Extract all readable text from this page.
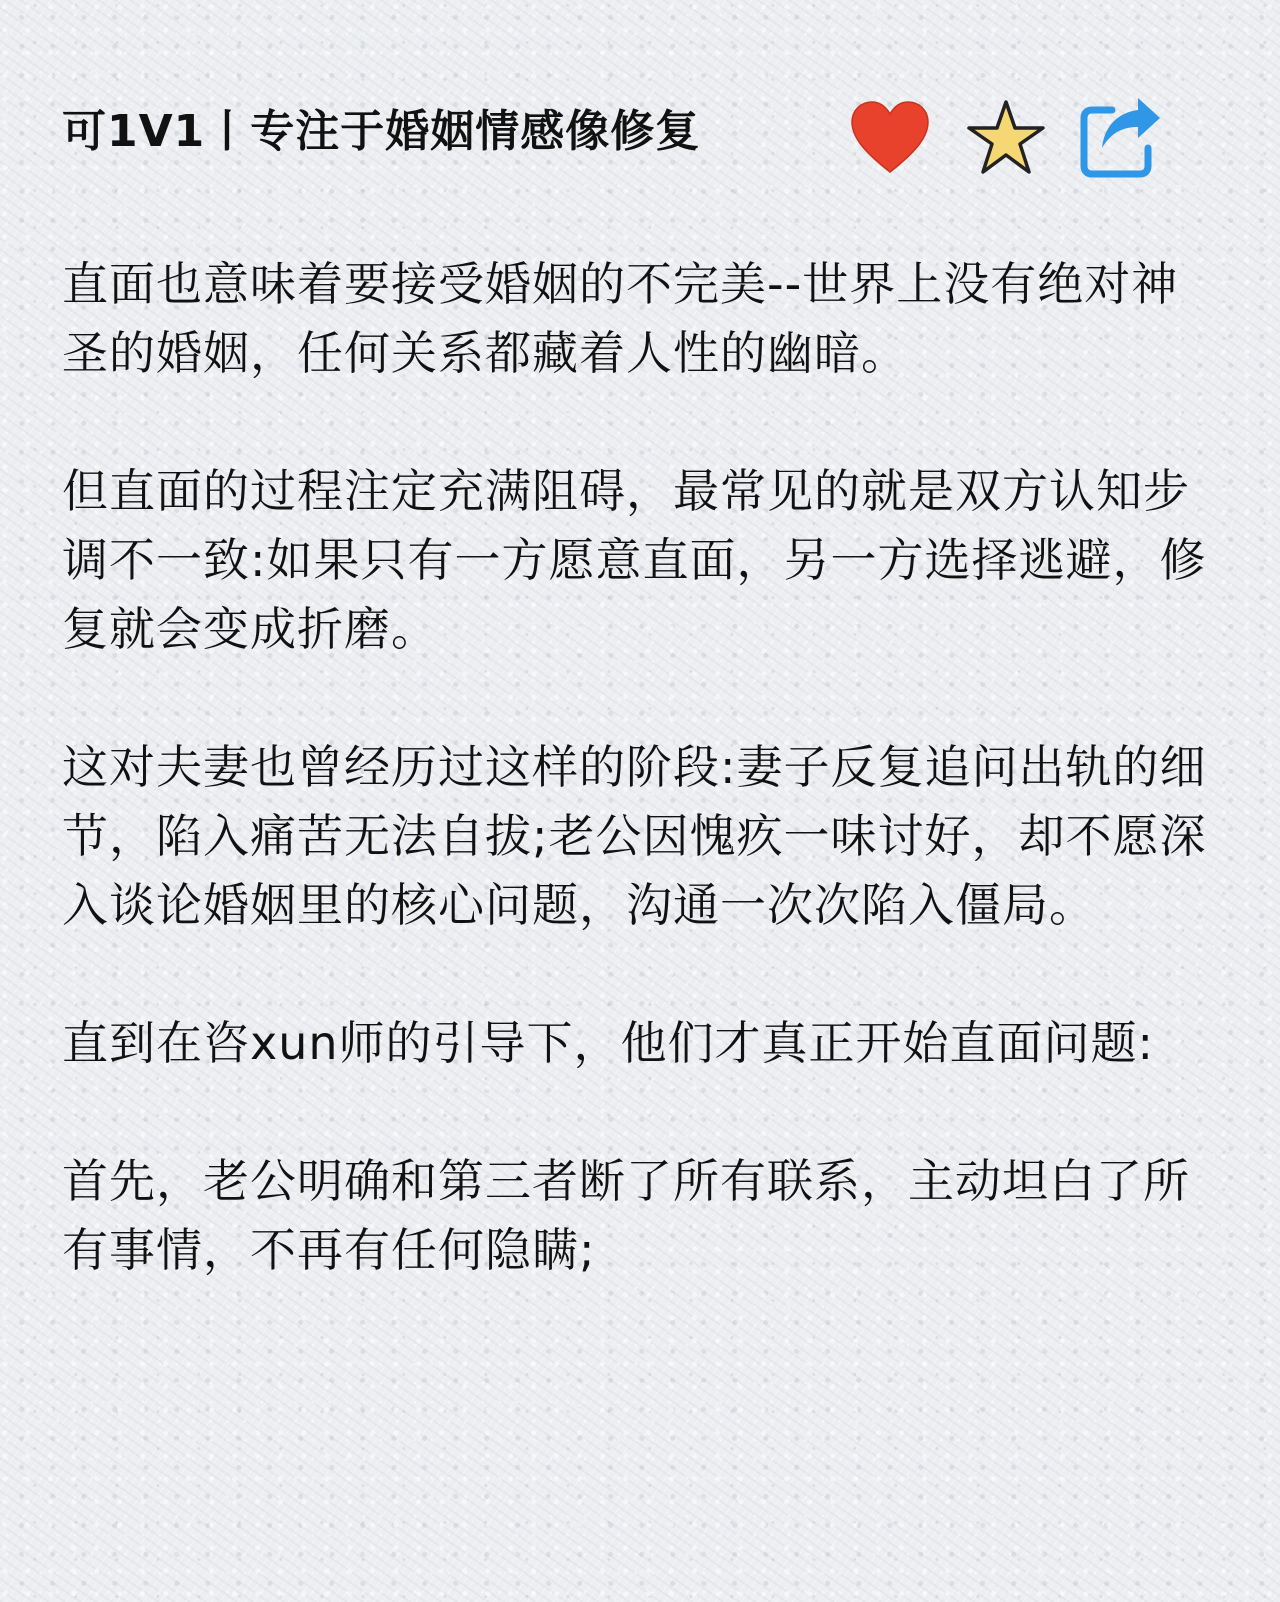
可1V1丨专注于婚姻情感像修复

直面也意味着要接受婚姻的不完美--世界上没有绝对神圣的婚姻，任何关系都藏着人性的幽暗。

但直面的过程注定充满阻碍，最常见的就是双方认知步调不一致:如果只有一方愿意直面，另一方选择逃避，修复就会变成折磨。

这对夫妻也曾经历过这样的阶段:妻子反复追问出轨的细节，陷入痛苦无法自拔;老公因愧疚一味讨好，却不愿深入谈论婚姻里的核心问题，沟通一次次陷入僵局。

直到在咨xun师的引导下，他们才真正开始直面问题:

首先，老公明确和第三者断了所有联系，主动坦白了所有事情，不再有任何隐瞒;
